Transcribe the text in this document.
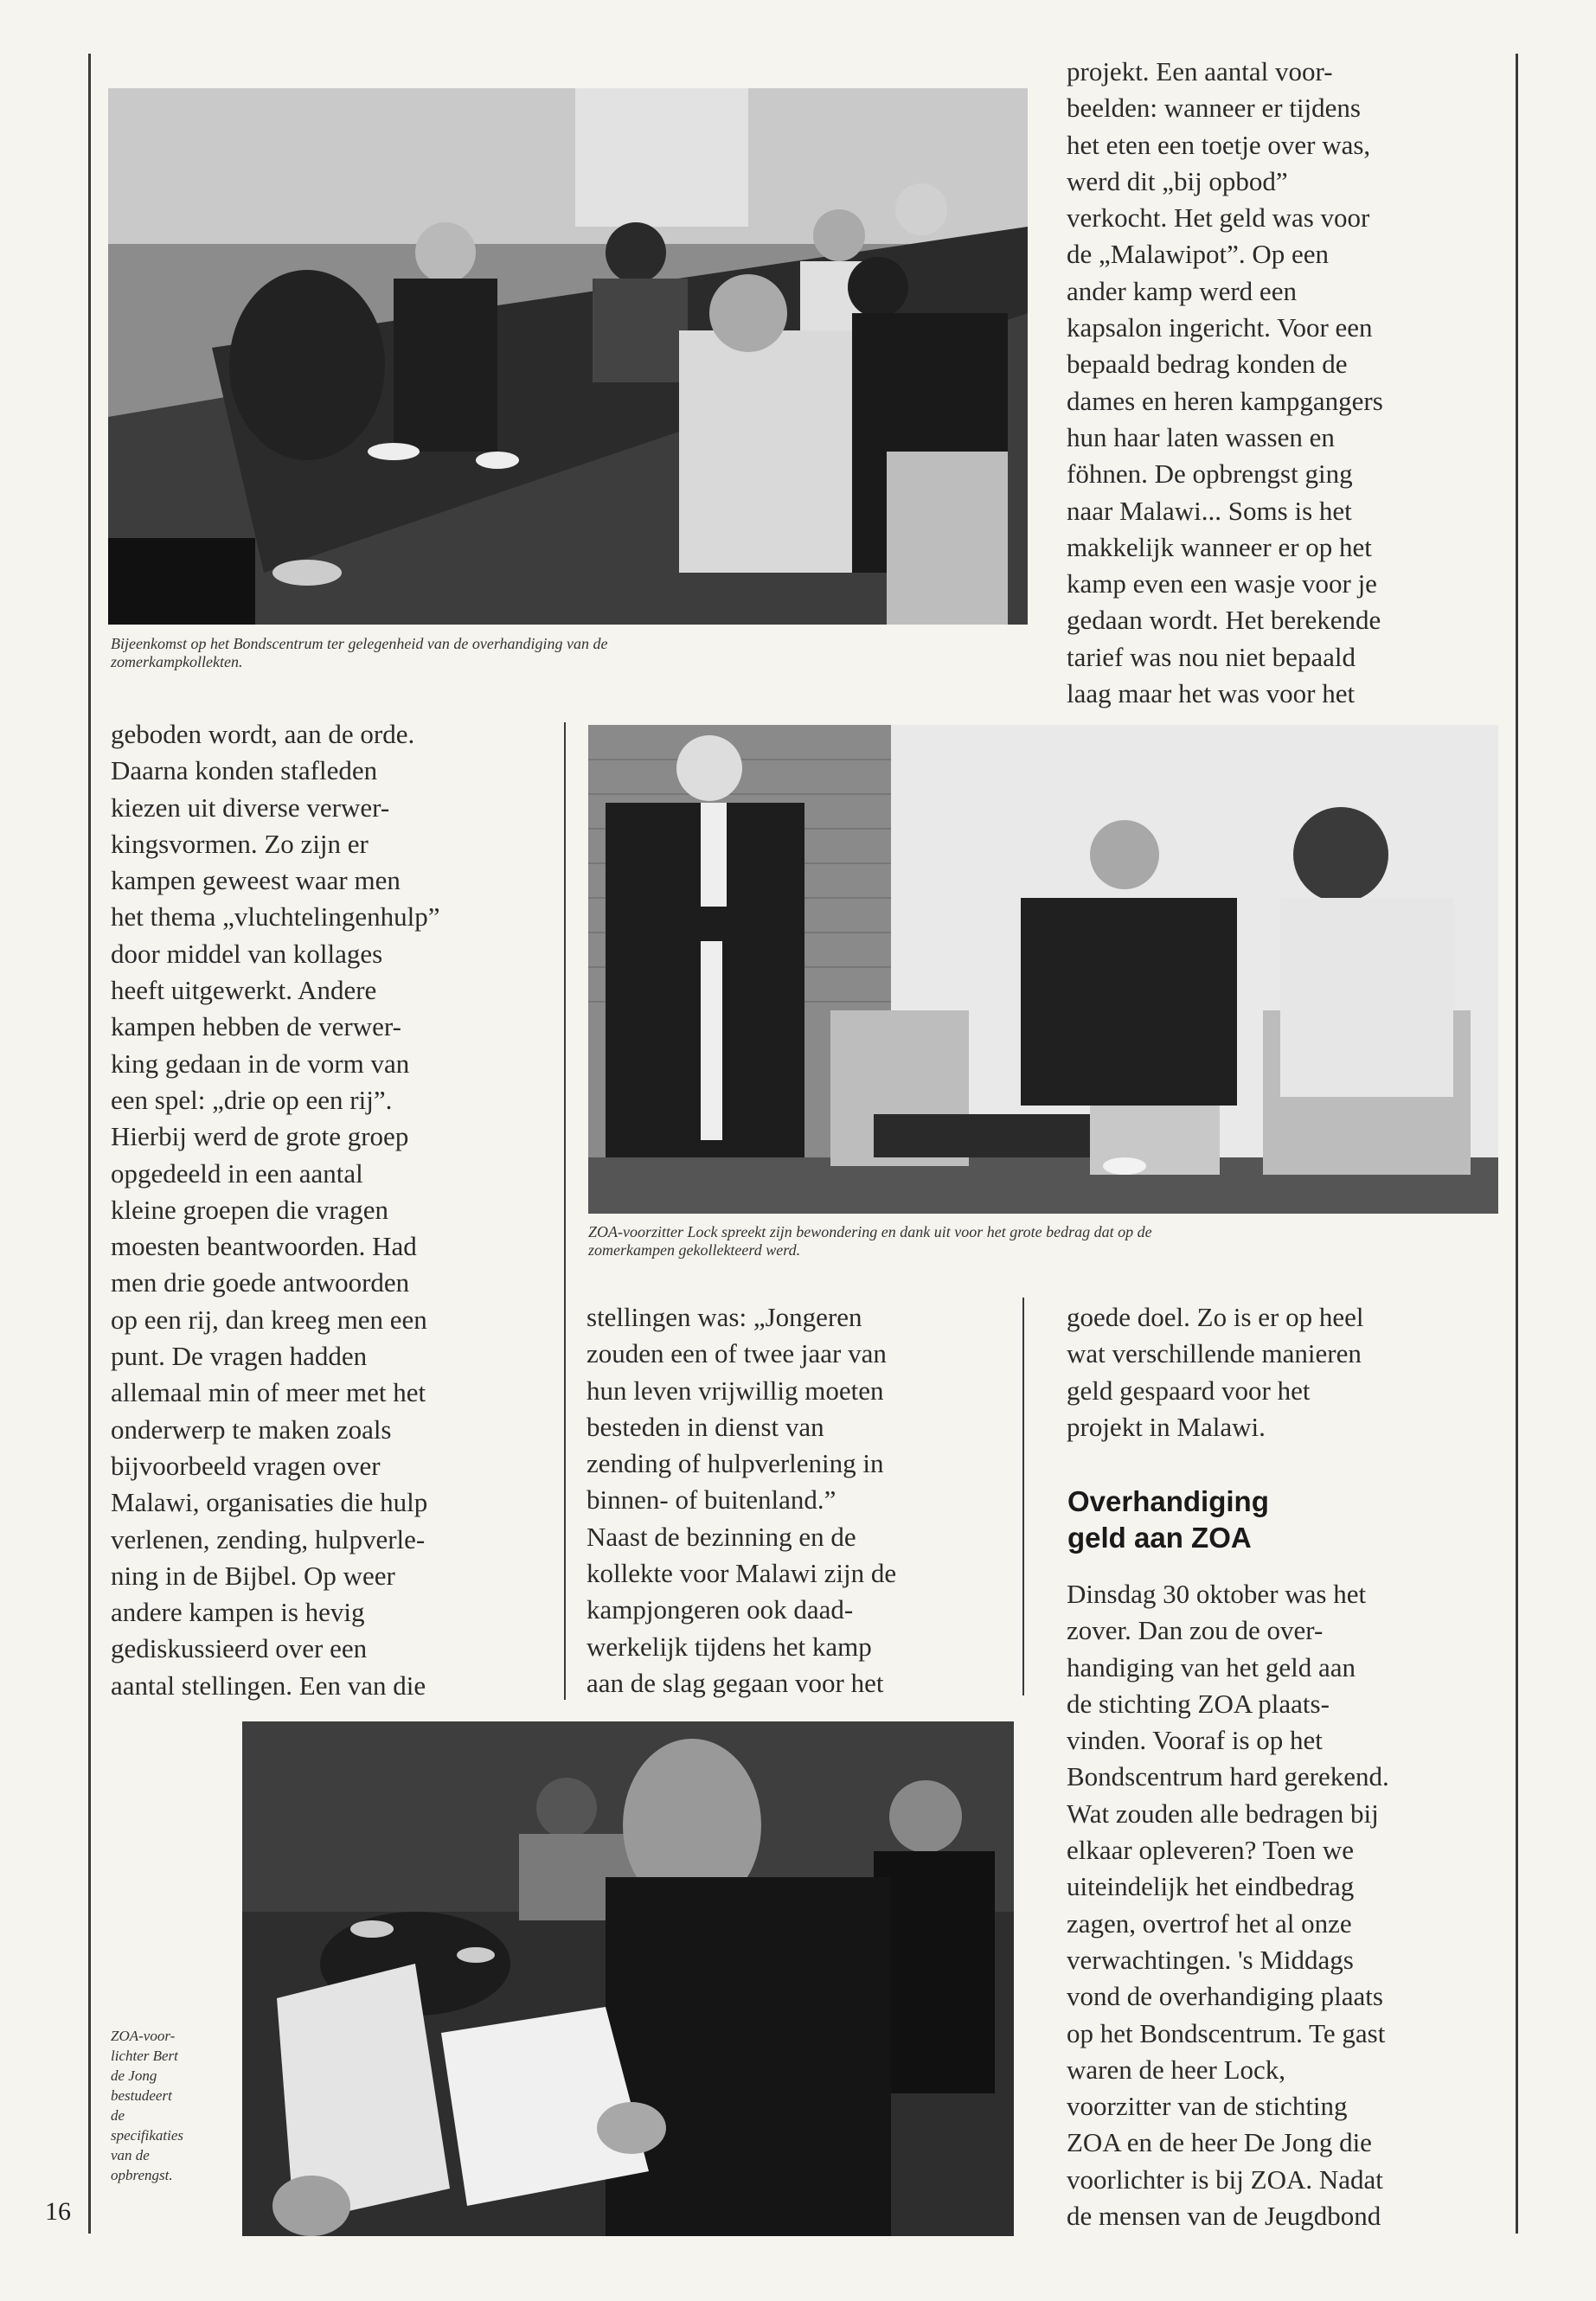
Bijeenkomst op het Bondscentrum ter gelegenheid van de overhandiging van de
zomerkampkollekten.

projekt. Een aantal voor-

beelden: wanneer er tijdens

het eten een toetje over was,

werd dit „bij opbod”

verkocht. Het geld was voor

de „Malawipot”. Op een

ander kamp werd een

kapsalon ingericht. Voor een

bepaald bedrag konden de

dames en heren kampgangers

hun haar laten wassen en

föhnen. De opbrengst ging

naar Malawi... Soms is het

makkelijk wanneer er op het

kamp even een wasje voor je

gedaan wordt. Het berekende

tarief was nou niet bepaald

laag maar het was voor het

geboden wordt, aan de orde.

Daarna konden stafleden

kiezen uit diverse verwer-

kingsvormen. Zo zijn er

kampen geweest waar men

het thema „vluchtelingenhulp”

door middel van kollages

heeft uitgewerkt. Andere

kampen hebben de verwer-

king gedaan in de vorm van

een spel: „drie op een rij”.

Hierbij werd de grote groep

opgedeeld in een aantal

kleine groepen die vragen

moesten beantwoorden. Had

men drie goede antwoorden

op een rij, dan kreeg men een

punt. De vragen hadden

allemaal min of meer met het

onderwerp te maken zoals

bijvoorbeeld vragen over

Malawi, organisaties die hulp

verlenen, zending, hulpverle-

ning in de Bijbel. Op weer

andere kampen is hevig

gediskussieerd over een

aantal stellingen. Een van die

ZOA-voorzitter Lock spreekt zijn bewondering en dank uit voor het grote bedrag dat op de
zomerkampen gekollekteerd werd.

stellingen was: „Jongeren

zouden een of twee jaar van

hun leven vrijwillig moeten

besteden in dienst van

zending of hulpverlening in

binnen- of buitenland.”

Naast de bezinning en de

kollekte voor Malawi zijn de

kampjongeren ook daad-

werkelijk tijdens het kamp

aan de slag gegaan voor het

goede doel. Zo is er op heel

wat verschillende manieren

geld gespaard voor het

projekt in Malawi.

Overhandiging
geld aan ZOA

Dinsdag 30 oktober was het

zover. Dan zou de over-

handiging van het geld aan

de stichting ZOA plaats-

vinden. Vooraf is op het

Bondscentrum hard gerekend.

Wat zouden alle bedragen bij

elkaar opleveren? Toen we

uiteindelijk het eindbedrag

zagen, overtrof het al onze

verwachtingen. 's Middags

vond de overhandiging plaats

op het Bondscentrum. Te gast

waren de heer Lock,

voorzitter van de stichting

ZOA en de heer De Jong die

voorlichter is bij ZOA. Nadat

de mensen van de Jeugdbond

ZOA-voor-
lichter Bert
de Jong
bestudeert
de
specifikaties
van de
opbrengst.
16
